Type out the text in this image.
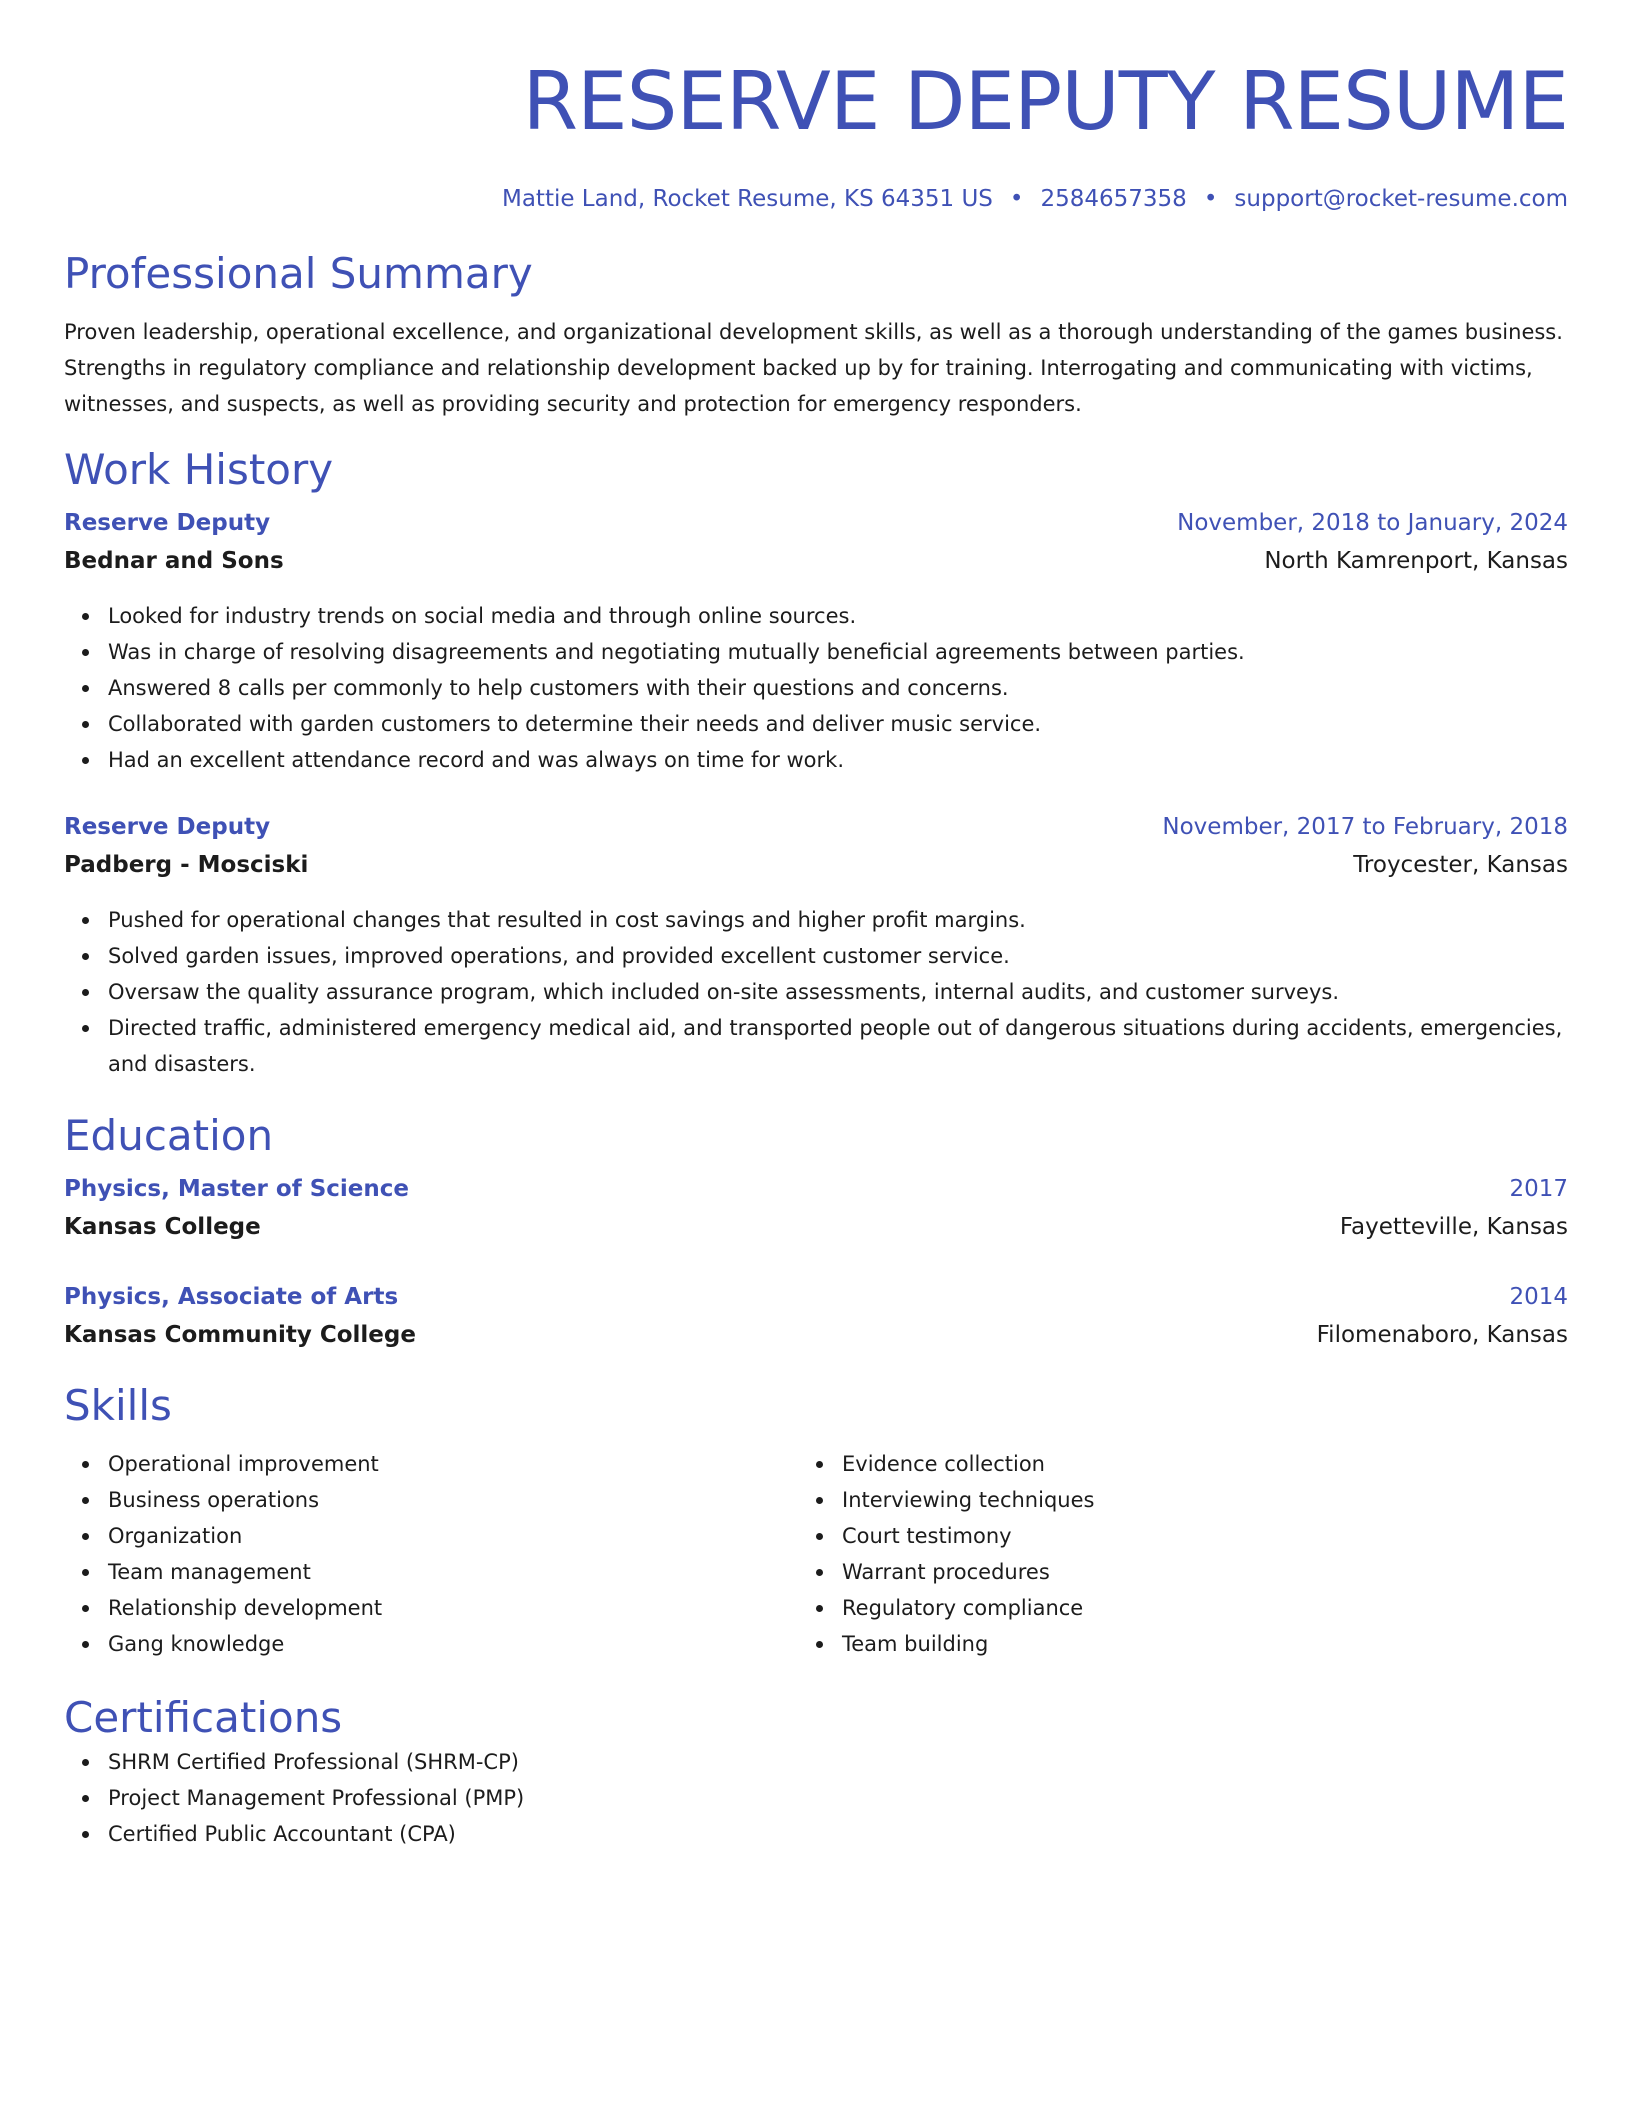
RESERVE DEPUTY RESUME
Mattie Land, Rocket Resume, KS 64351 US • 2584657358 • support@rocket-resume.com
Professional Summary
Proven leadership, operational excellence, and organizational development skills, as well as a thorough understanding of the games business. Strengths in regulatory compliance and relationship development backed up by for training. Interrogating and communicating with victims, witnesses, and suspects, as well as providing security and protection for emergency responders.
Work History
Reserve Deputy	November, 2018 to January, 2024
Bednar and Sons	North Kamrenport, Kansas
Looked for industry trends on social media and through online sources.
Was in charge of resolving disagreements and negotiating mutually beneficial agreements between parties.
Answered 8 calls per commonly to help customers with their questions and concerns.
Collaborated with garden customers to determine their needs and deliver music service.
Had an excellent attendance record and was always on time for work.
Reserve Deputy	November, 2017 to February, 2018
Padberg - Mosciski	Troycester, Kansas
Pushed for operational changes that resulted in cost savings and higher profit margins.
Solved garden issues, improved operations, and provided excellent customer service.
Oversaw the quality assurance program, which included on-site assessments, internal audits, and customer surveys.
Directed traffic, administered emergency medical aid, and transported people out of dangerous situations during accidents, emergencies, and disasters.
Education
Physics, Master of Science	2017
Kansas College	Fayetteville, Kansas
Physics, Associate of Arts	2014
Kansas Community College	Filomenaboro, Kansas
Skills
Operational improvement
Business operations
Organization
Team management
Relationship development
Gang knowledge
Evidence collection
Interviewing techniques
Court testimony
Warrant procedures
Regulatory compliance
Team building
Certifications
SHRM Certified Professional (SHRM-CP)
Project Management Professional (PMP)
Certified Public Accountant (CPA)
